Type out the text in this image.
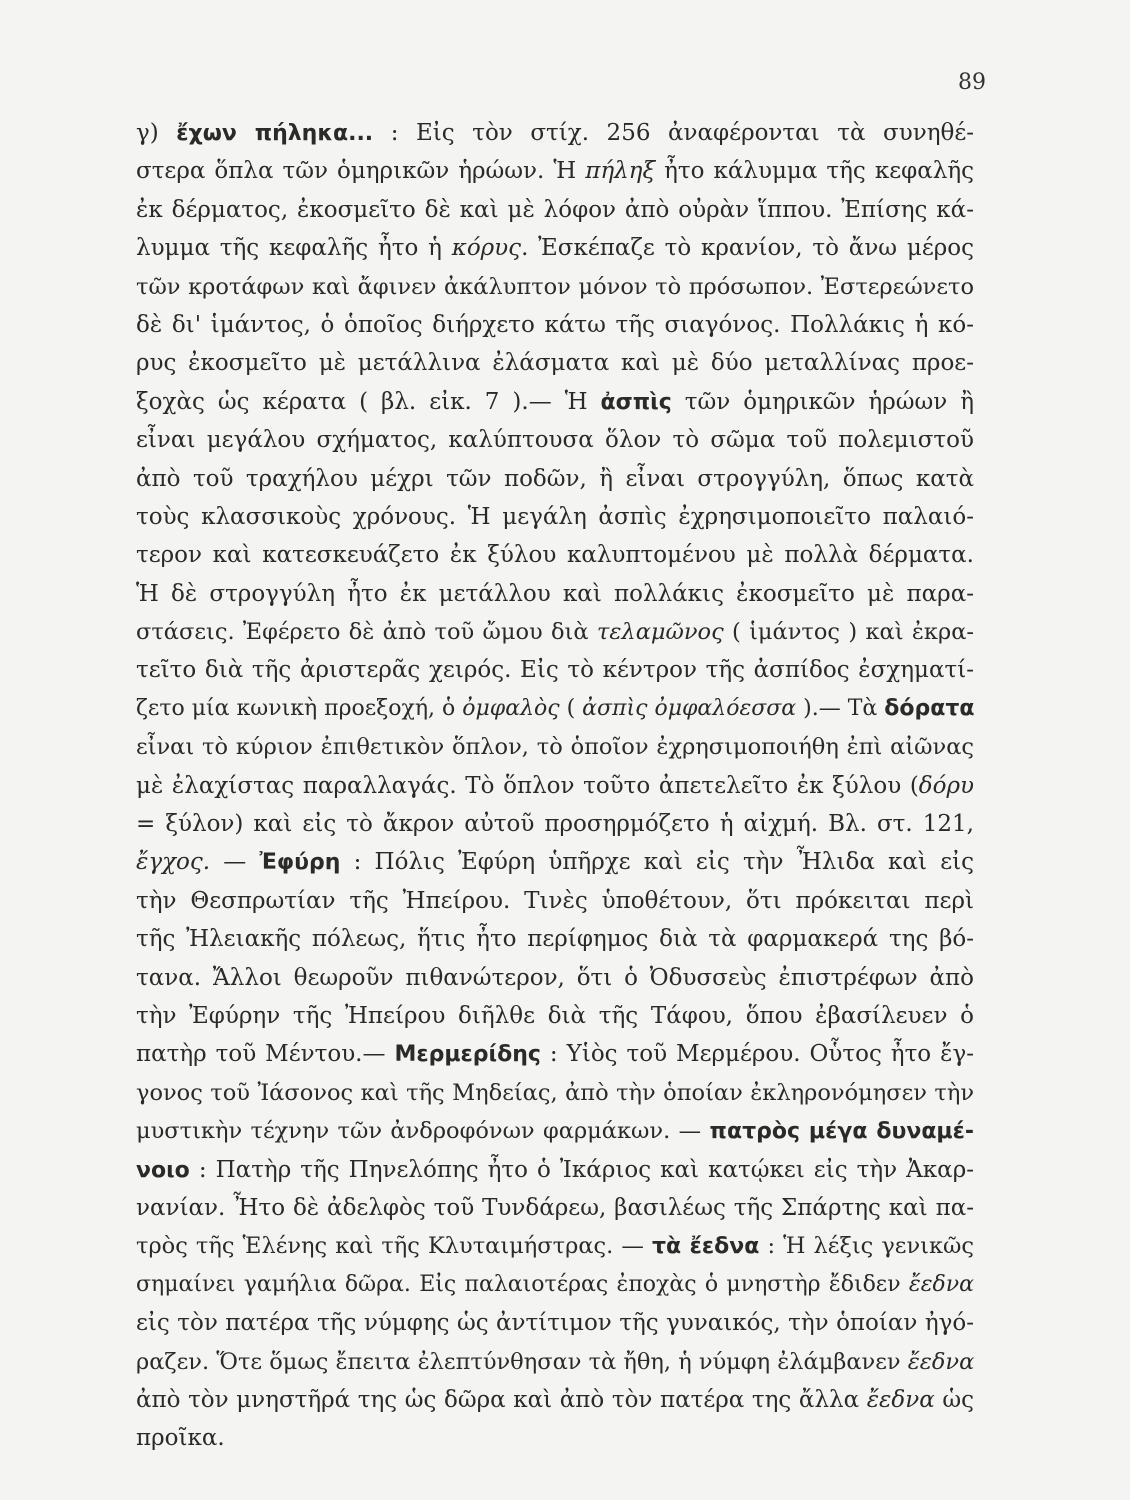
89
γ) ἔχων πήληκα... : Εἰς τὸν στίχ. 256 ἀναφέρονται τὰ συνηθέ-
στερα ὅπλα τῶν ὁμηρικῶν ἡρώων. Ἡ πήληξ ἦτο κάλυμμα τῆς κεφαλῆς
ἐκ δέρματος, ἐκοσμεῖτο δὲ καὶ μὲ λόφον ἀπὸ οὐρὰν ἵππου. Ἐπίσης κά-
λυμμα τῆς κεφαλῆς ἦτο ἡ κόρυς. Ἐσκέπαζε τὸ κρανίον, τὸ ἄνω μέρος
τῶν κροτάφων καὶ ἄφινεν ἀκάλυπτον μόνον τὸ πρόσωπον. Ἐστερεώνετο
δὲ δι' ἱμάντος, ὁ ὁποῖος διήρχετο κάτω τῆς σιαγόνος. Πολλάκις ἡ κό-
ρυς ἐκοσμεῖτο μὲ μετάλλινα ἐλάσματα καὶ μὲ δύο μεταλλίνας προε-
ξοχὰς ὡς κέρατα ( βλ. εἰκ. 7 ).— Ἡ ἀσπὶς τῶν ὁμηρικῶν ἡρώων ἢ
εἶναι μεγάλου σχήματος, καλύπτουσα ὅλον τὸ σῶμα τοῦ πολεμιστοῦ
ἀπὸ τοῦ τραχήλου μέχρι τῶν ποδῶν, ἢ εἶναι στρογγύλη, ὅπως κατὰ
τοὺς κλασσικοὺς χρόνους. Ἡ μεγάλη ἀσπὶς ἐχρησιμοποιεῖτο παλαιό-
τερον καὶ κατεσκευάζετο ἐκ ξύλου καλυπτομένου μὲ πολλὰ δέρματα.
Ἡ δὲ στρογγύλη ἦτο ἐκ μετάλλου καὶ πολλάκις ἐκοσμεῖτο μὲ παρα-
στάσεις. Ἐφέρετο δὲ ἀπὸ τοῦ ὤμου διὰ τελαμῶνος ( ἱμάντος ) καὶ ἐκρα-
τεῖτο διὰ τῆς ἀριστερᾶς χειρός. Εἰς τὸ κέντρον τῆς ἀσπίδος ἐσχηματί-
ζετο μία κωνικὴ προεξοχή, ὁ ὀμφαλὸς ( ἀσπὶς ὀμφαλόεσσα ).— Τὰ δόρατα
εἶναι τὸ κύριον ἐπιθετικὸν ὅπλον, τὸ ὁποῖον ἐχρησιμοποιήθη ἐπὶ αἰῶνας
μὲ ἐλαχίστας παραλλαγάς. Τὸ ὅπλον τοῦτο ἀπετελεῖτο ἐκ ξύλου (δόρυ
= ξύλον) καὶ εἰς τὸ ἄκρον αὐτοῦ προσηρμόζετο ἡ αἰχμή. Βλ. στ. 121,
ἔγχος. — Ἐφύρη : Πόλις Ἐφύρη ὑπῆρχε καὶ εἰς τὴν Ἦλιδα καὶ εἰς
τὴν Θεσπρωτίαν τῆς Ἠπείρου. Τινὲς ὑποθέτουν, ὅτι πρόκειται περὶ
τῆς Ἠλειακῆς πόλεως, ἥτις ἦτο περίφημος διὰ τὰ φαρμακερά της βό-
τανα. Ἄλλοι θεωροῦν πιθανώτερον, ὅτι ὁ Ὀδυσσεὺς ἐπιστρέφων ἀπὸ
τὴν Ἐφύρην τῆς Ἠπείρου διῆλθε διὰ τῆς Τάφου, ὅπου ἐβασίλευεν ὁ
πατὴρ τοῦ Μέντου.— Μερμερίδης : Υἱὸς τοῦ Μερμέρου. Οὗτος ἦτο ἔγ-
γονος τοῦ Ἰάσονος καὶ τῆς Μηδείας, ἀπὸ τὴν ὁποίαν ἐκληρονόμησεν τὴν
μυστικὴν τέχνην τῶν ἀνδροφόνων φαρμάκων. — πατρὸς μέγα δυναμέ-
νοιο : Πατὴρ τῆς Πηνελόπης ἦτο ὁ Ἰκάριος καὶ κατῴκει εἰς τὴν Ἀκαρ-
νανίαν. Ἦτο δὲ ἀδελφὸς τοῦ Τυνδάρεω, βασιλέως τῆς Σπάρτης καὶ πα-
τρὸς τῆς Ἑλένης καὶ τῆς Κλυταιμήστρας. — τὰ ἔεδνα : Ἡ λέξις γενικῶς
σημαίνει γαμήλια δῶρα. Εἰς παλαιοτέρας ἐποχὰς ὁ μνηστὴρ ἔδιδεν ἔεδνα
εἰς τὸν πατέρα τῆς νύμφης ὡς ἀντίτιμον τῆς γυναικός, τὴν ὁποίαν ἠγό-
ραζεν. Ὅτε ὅμως ἔπειτα ἐλεπτύνθησαν τὰ ἤθη, ἡ νύμφη ἐλάμβανεν ἔεδνα
ἀπὸ τὸν μνηστῆρά της ὡς δῶρα καὶ ἀπὸ τὸν πατέρα της ἄλλα ἔεδνα ὡς
προῖκα.
